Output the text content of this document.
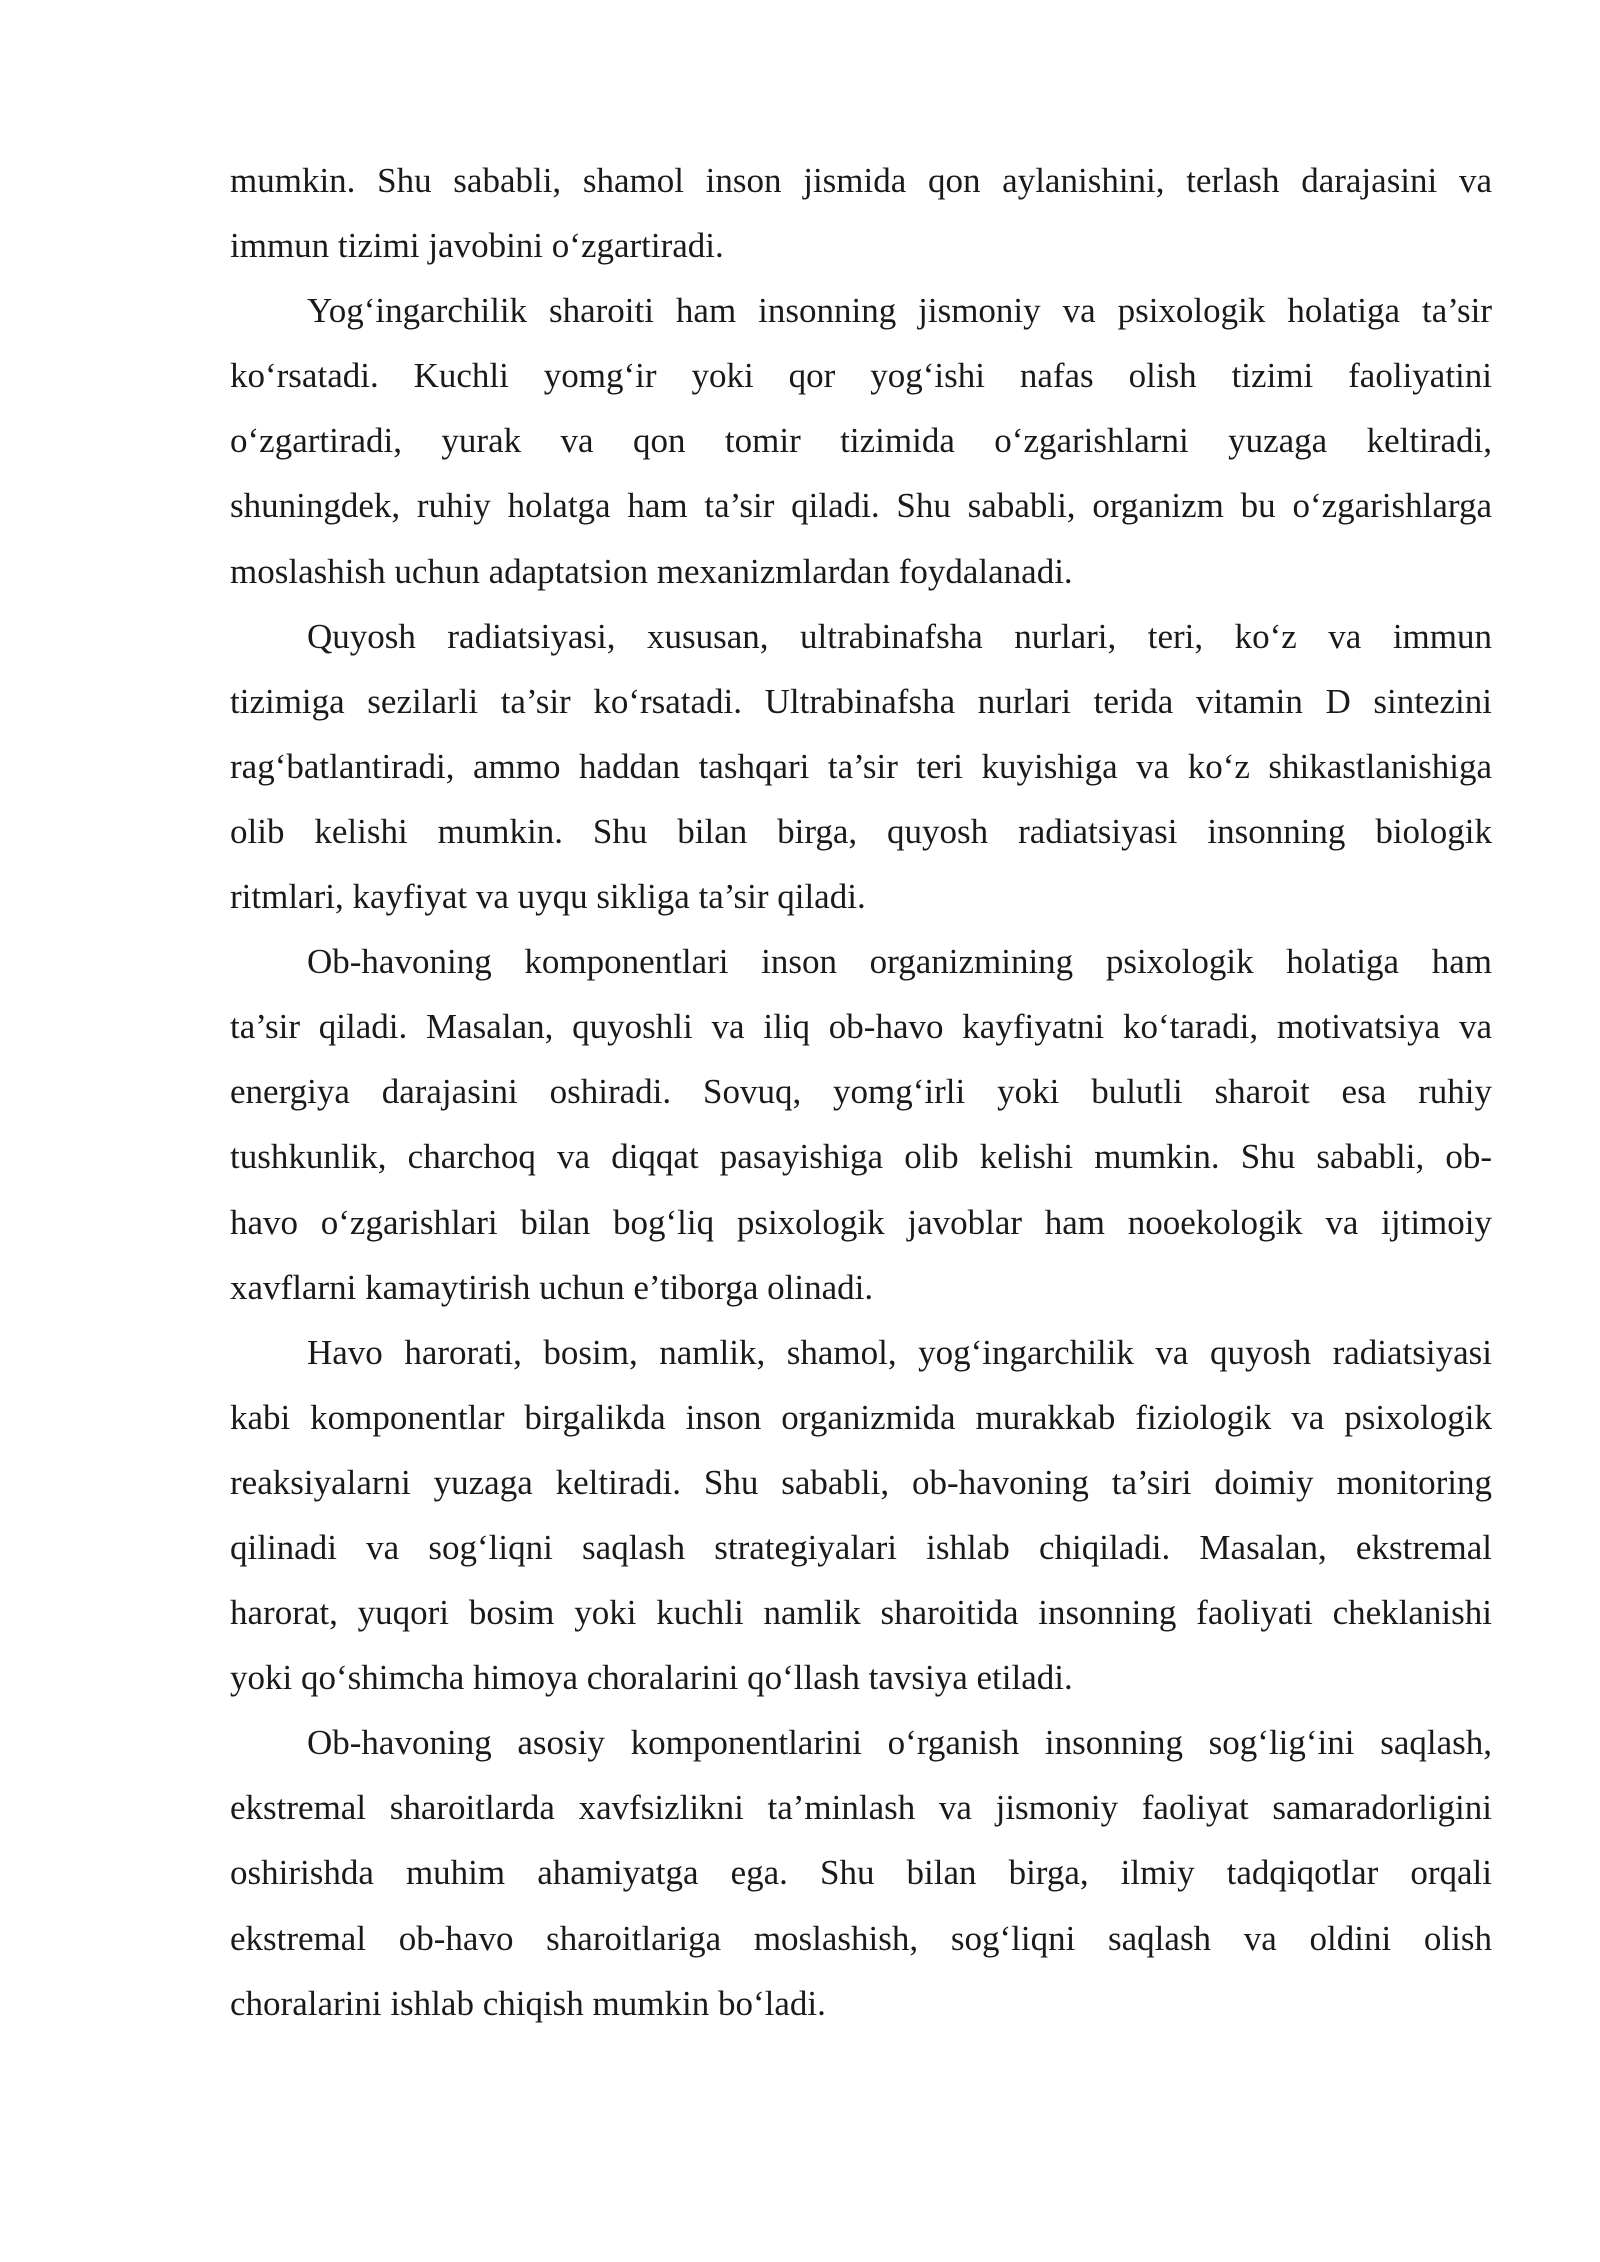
mumkin. Shu sababli, shamol inson jismida qon aylanishini, terlash darajasini va
immun tizimi javobini o‘zgartiradi.
Yog‘ingarchilik sharoiti ham insonning jismoniy va psixologik holatiga ta’sir
ko‘rsatadi. Kuchli yomg‘ir yoki qor yog‘ishi nafas olish tizimi faoliyatini
o‘zgartiradi, yurak va qon tomir tizimida o‘zgarishlarni yuzaga keltiradi,
shuningdek, ruhiy holatga ham ta’sir qiladi. Shu sababli, organizm bu o‘zgarishlarga
moslashish uchun adaptatsion mexanizmlardan foydalanadi.
Quyosh radiatsiyasi, xususan, ultrabinafsha nurlari, teri, ko‘z va immun
tizimiga sezilarli ta’sir ko‘rsatadi. Ultrabinafsha nurlari terida vitamin D sintezini
rag‘batlantiradi, ammo haddan tashqari ta’sir teri kuyishiga va ko‘z shikastlanishiga
olib kelishi mumkin. Shu bilan birga, quyosh radiatsiyasi insonning biologik
ritmlari, kayfiyat va uyqu sikliga ta’sir qiladi.
Ob-havoning komponentlari inson organizmining psixologik holatiga ham
ta’sir qiladi. Masalan, quyoshli va iliq ob-havo kayfiyatni ko‘taradi, motivatsiya va
energiya darajasini oshiradi. Sovuq, yomg‘irli yoki bulutli sharoit esa ruhiy
tushkunlik, charchoq va diqqat pasayishiga olib kelishi mumkin. Shu sababli, ob-
havo o‘zgarishlari bilan bog‘liq psixologik javoblar ham nooekologik va ijtimoiy
xavflarni kamaytirish uchun e’tiborga olinadi.
Havo harorati, bosim, namlik, shamol, yog‘ingarchilik va quyosh radiatsiyasi
kabi komponentlar birgalikda inson organizmida murakkab fiziologik va psixologik
reaksiyalarni yuzaga keltiradi. Shu sababli, ob-havoning ta’siri doimiy monitoring
qilinadi va sog‘liqni saqlash strategiyalari ishlab chiqiladi. Masalan, ekstremal
harorat, yuqori bosim yoki kuchli namlik sharoitida insonning faoliyati cheklanishi
yoki qo‘shimcha himoya choralarini qo‘llash tavsiya etiladi.
Ob-havoning asosiy komponentlarini o‘rganish insonning sog‘lig‘ini saqlash,
ekstremal sharoitlarda xavfsizlikni ta’minlash va jismoniy faoliyat samaradorligini
oshirishda muhim ahamiyatga ega. Shu bilan birga, ilmiy tadqiqotlar orqali
ekstremal ob-havo sharoitlariga moslashish, sog‘liqni saqlash va oldini olish
choralarini ishlab chiqish mumkin bo‘ladi.
